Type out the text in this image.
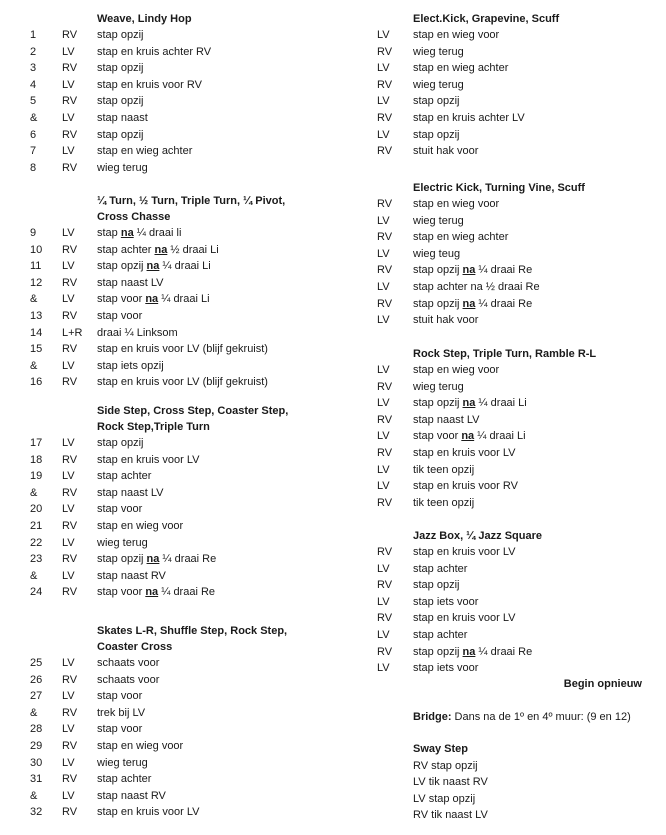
Weave, Lindy Hop
1 RV stap opzij
2 LV stap en kruis achter RV
3 RV stap opzij
4 LV stap en kruis voor RV
5 RV stap opzij
& LV stap naast
6 RV stap opzij
7 LV stap en wieg achter
8 RV wieg terug
¼ Turn, ½ Turn, Triple Turn, ¼ Pivot,
Cross Chasse
9 LV stap na ¼ draai li
10 RV stap achter na ½ draai Li
11 LV stap opzij na ¼ draai Li
12 RV stap naast LV
& LV stap voor na ¼ draai Li
13 RV stap voor
14 L+R draai ¼ Linksom
15 RV stap en kruis voor LV (blijf gekruist)
& LV stap iets opzij
16 RV stap en kruis voor LV (blijf gekruist)
Side Step, Cross Step, Coaster Step,
Rock Step,Triple Turn
17 LV stap opzij
18 RV stap en kruis voor LV
19 LV stap achter
& RV stap naast LV
20 LV stap voor
21 RV stap en wieg voor
22 LV wieg terug
23 RV stap opzij na ¼ draai Re
& LV stap naast RV
24 RV stap voor na ¼ draai Re
Skates L-R, Shuffle Step, Rock Step,
Coaster Cross
25 LV schaats voor
26 RV schaats voor
27 LV stap voor
& RV trek bij LV
28 LV stap voor
29 RV stap en wieg voor
30 LV wieg terug
31 RV stap achter
& LV stap naast RV
32 RV stap en kruis voor LV
Elect.Kick, Grapevine, Scuff
LV stap en wieg voor
RV wieg terug
LV stap en wieg achter
RV wieg terug
LV stap opzij
RV stap en kruis achter LV
LV stap opzij
RV stuit hak voor
Electric Kick, Turning Vine, Scuff
RV stap en wieg voor
LV wieg terug
RV stap en wieg achter
LV wieg teug
RV stap opzij na ¼ draai Re
LV stap achter na ½ draai Re
RV stap opzij na ¼ draai Re
LV stuit hak voor
Rock Step, Triple Turn, Ramble R-L
LV stap en wieg voor
RV wieg terug
LV stap opzij na ¼ draai Li
RV stap naast LV
LV stap voor na ¼ draai Li
RV stap en kruis voor LV
LV tik teen opzij
LV stap en kruis voor RV
RV tik teen opzij
Jazz Box, ¼ Jazz Square
RV stap en kruis voor LV
LV stap achter
RV stap opzij
LV stap iets voor
RV stap en kruis voor LV
LV stap achter
RV stap opzij na ¼ draai Re
LV stap iets voor
Begin opnieuw
Bridge: Dans na de 1º en 4º muur: (9 en 12)
Sway Step
RV stap opzij
LV tik naast RV
LV stap opzij
RV tik naast LV
